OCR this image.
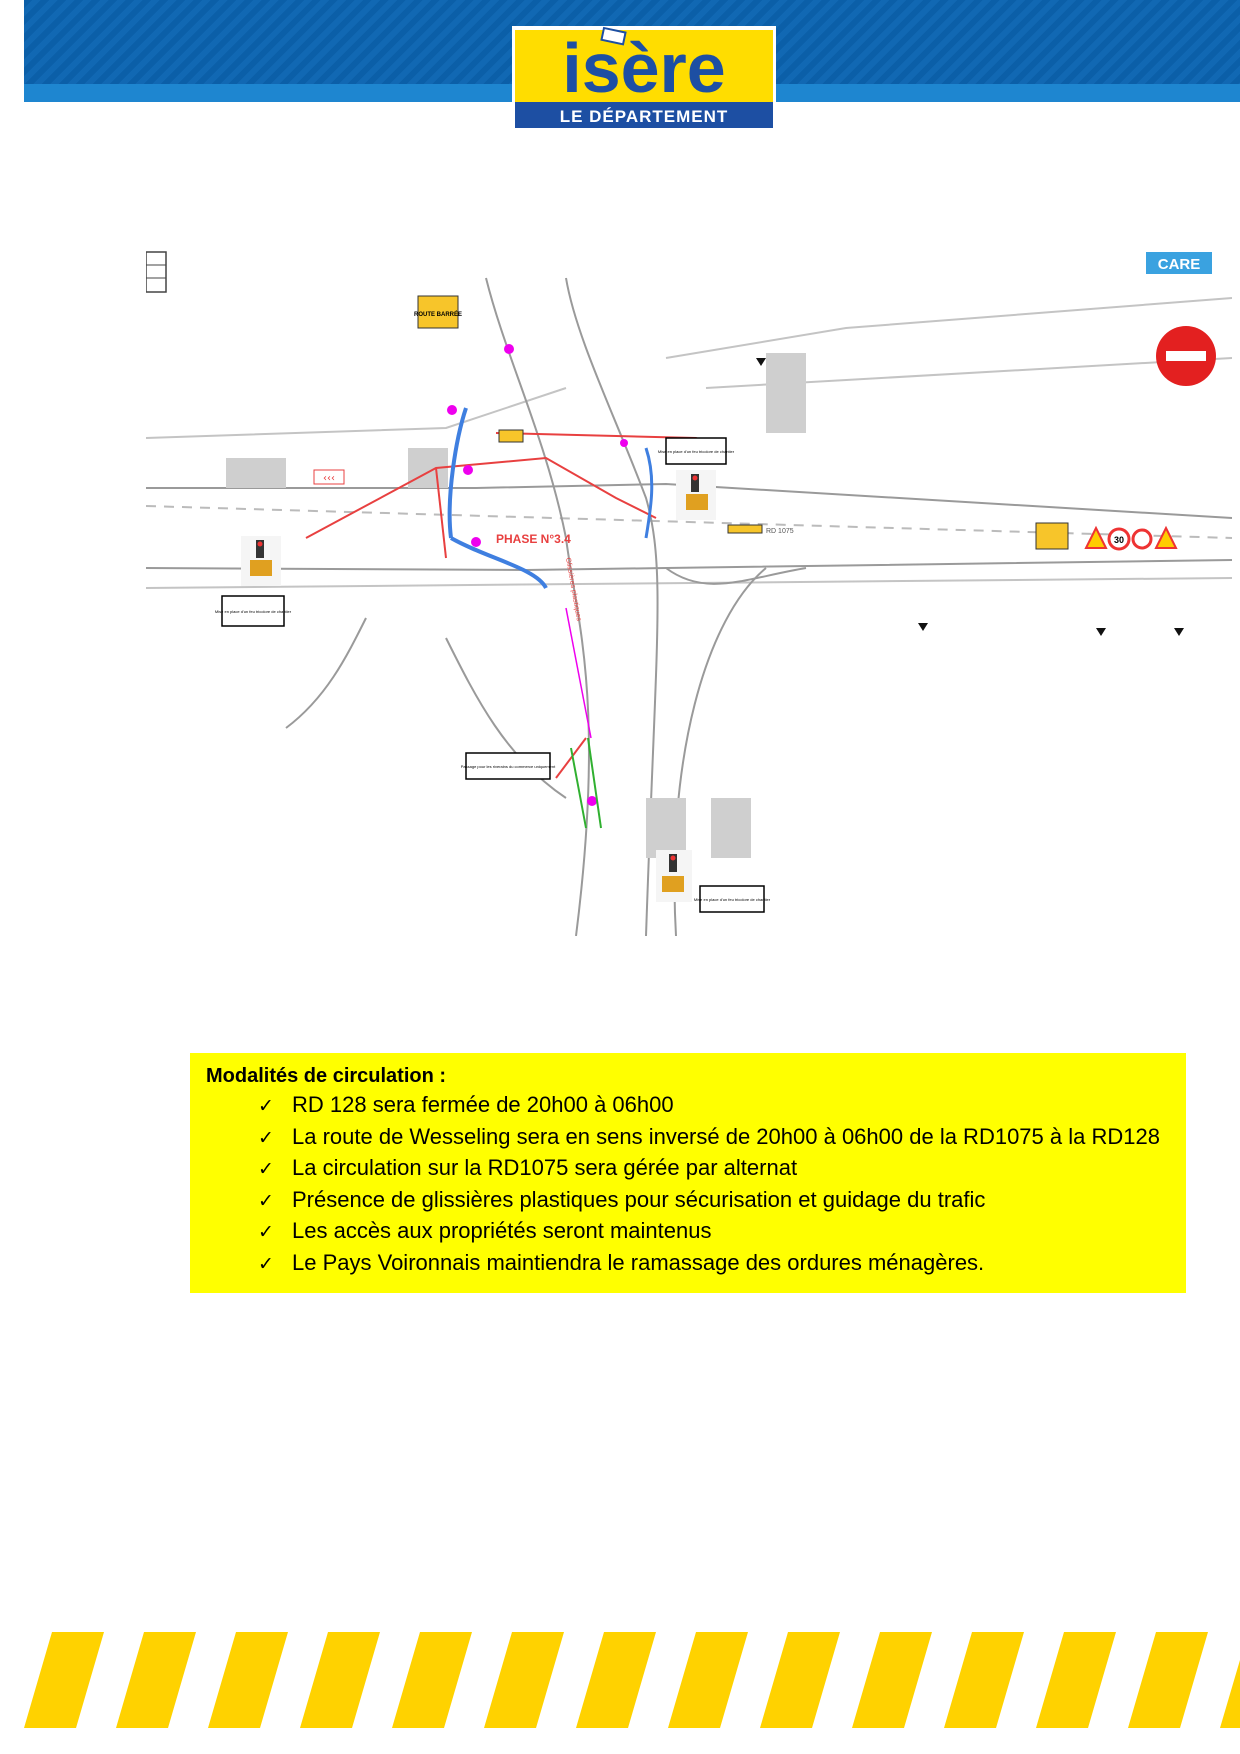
isère
LE DÉPARTEMENT
PHASE N°3.4
ROUTE BARRÉE
RD 1075
Glissières plastiques
‹‹‹
Mise en place d'un feu tricolore de chantier
Mise en place d'un feu tricolore de chantier
Passage pour les riverains du commerce uniquement
Mise en place d'un feu tricolore de chantier
30
CARE
Modalités de circulation :
✓ RD 128 sera fermée de 20h00 à 06h00
✓ La route de Wesseling sera en sens inversé de 20h00 à 06h00 de la RD1075 à la RD128
✓ La circulation sur la RD1075 sera gérée par alternat
✓ Présence de glissières plastiques pour sécurisation et guidage du trafic
✓ Les accès aux propriétés seront maintenus
✓ Le Pays Voironnais maintiendra le ramassage des ordures ménagères.
